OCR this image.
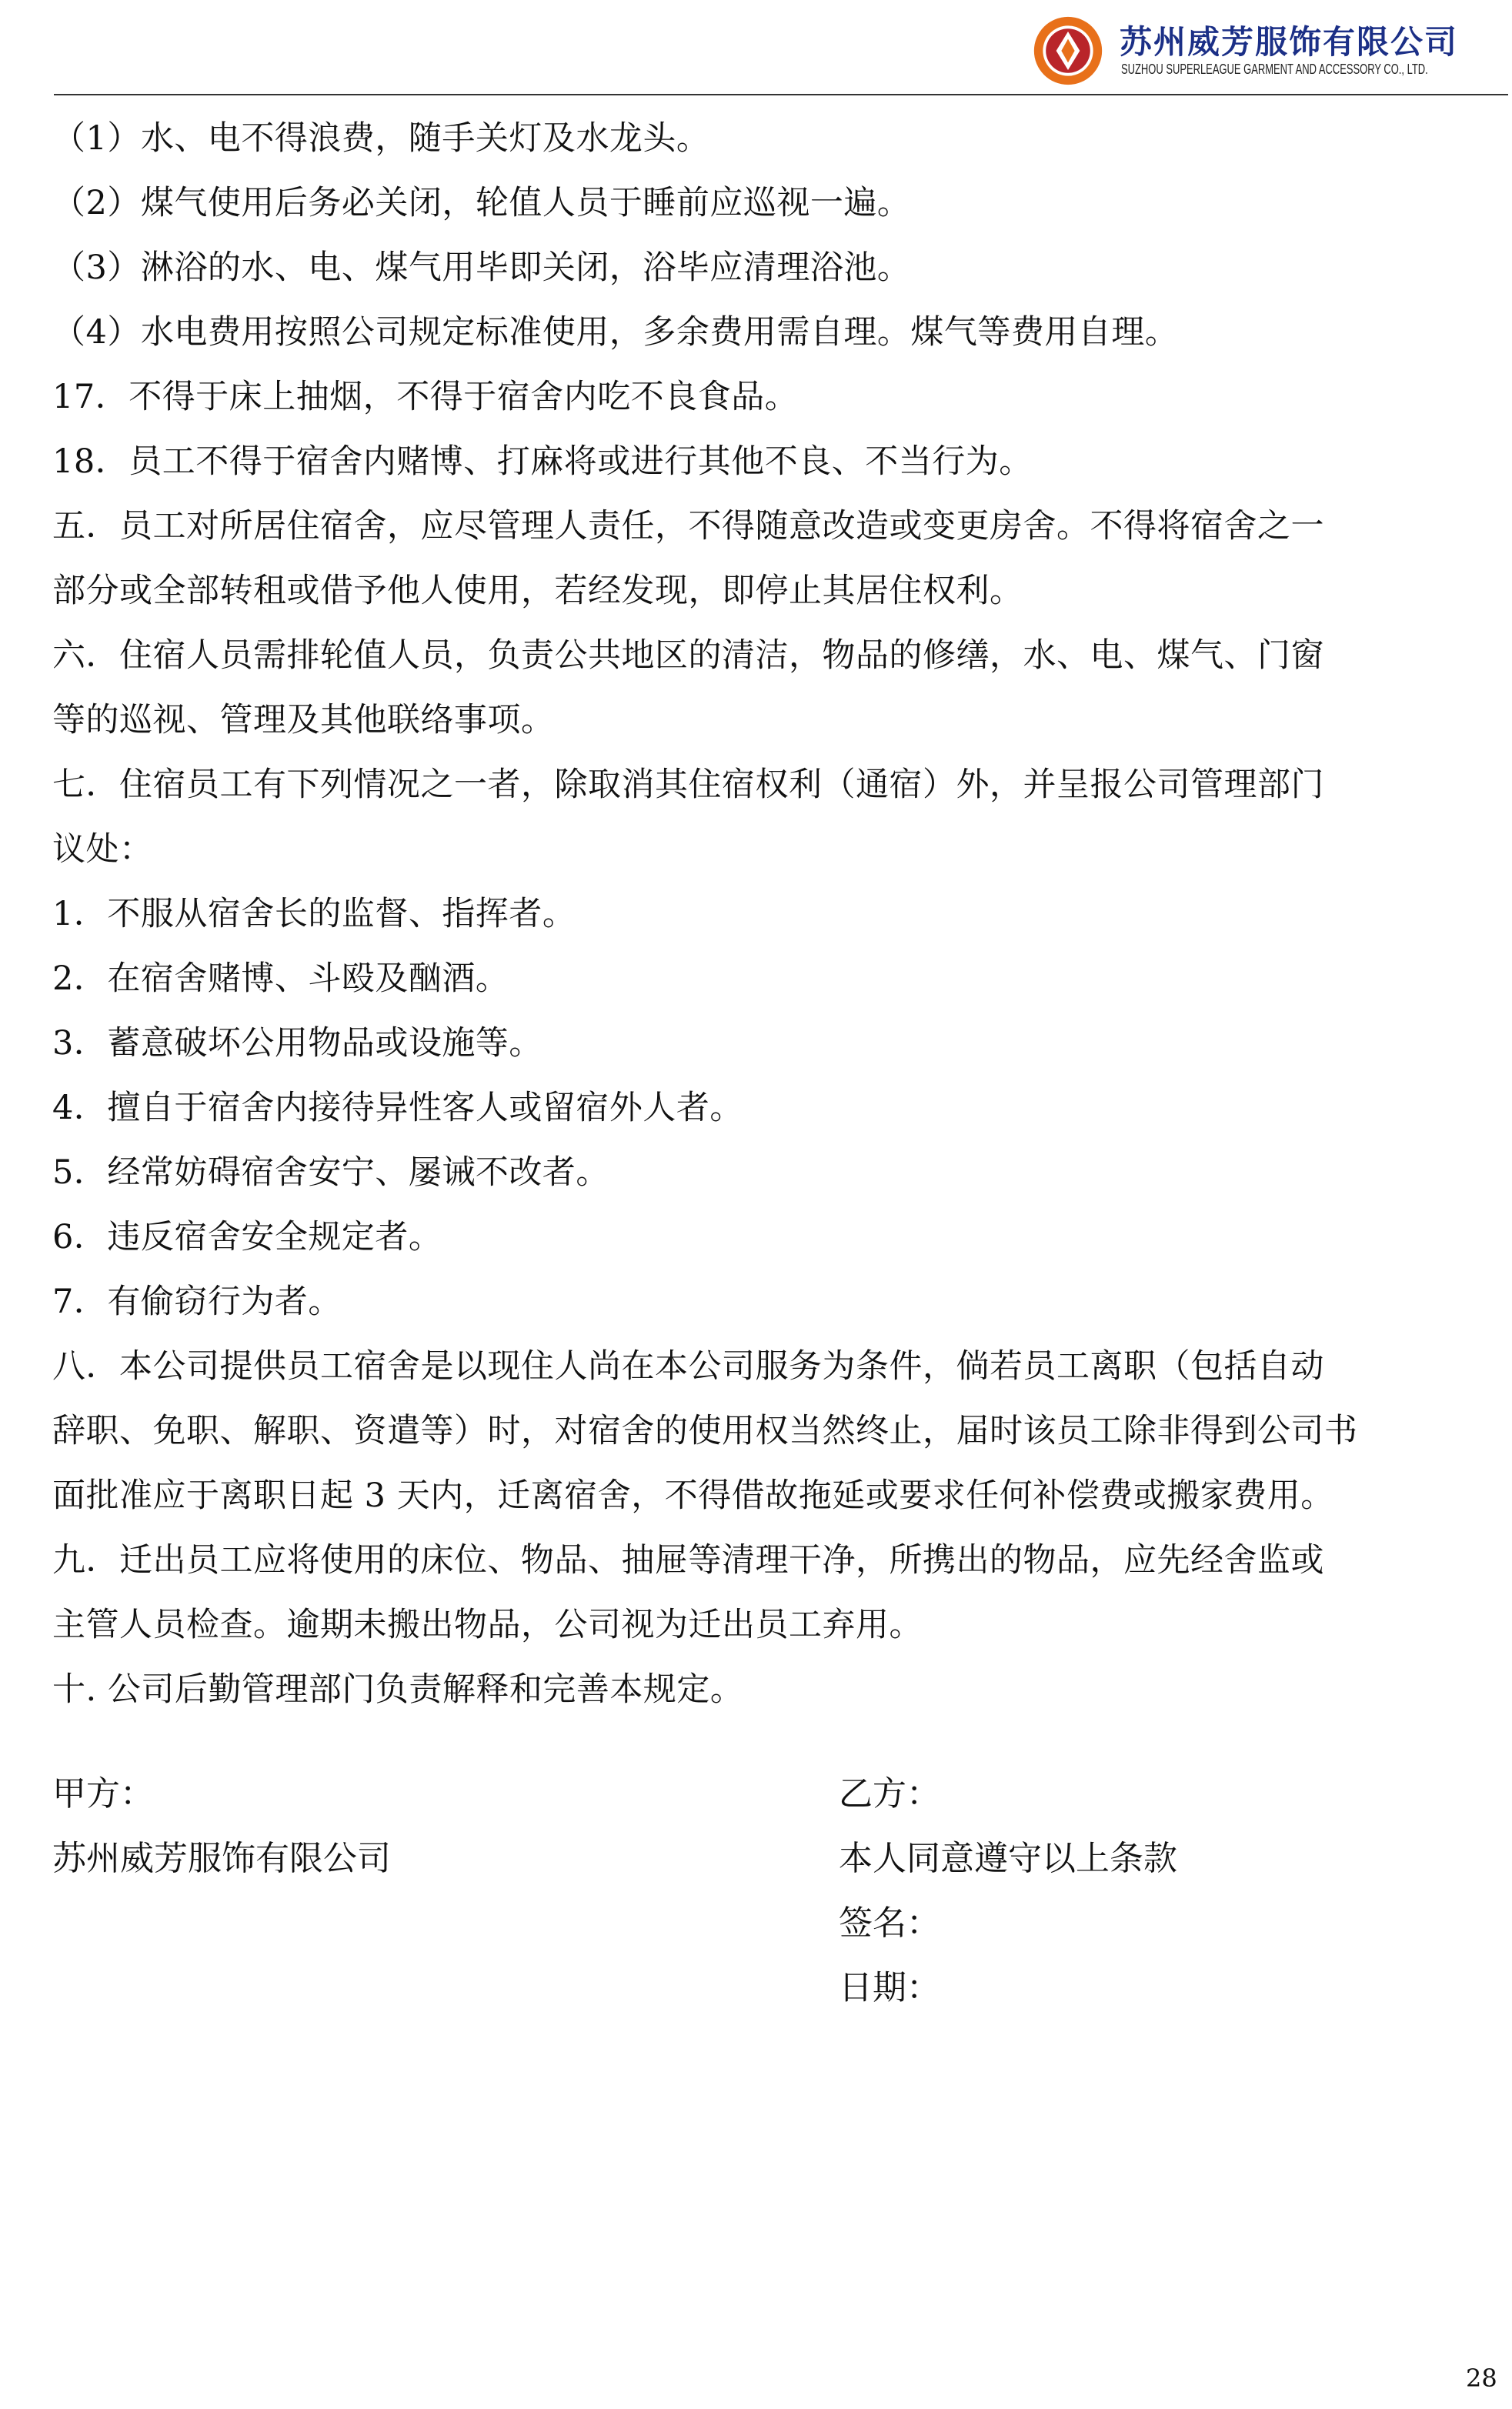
苏州威芳服饰有限公司
SUZHOU SUPERLEAGUE GARMENT AND ACCESSORY CO., LTD.
（1）水、电不得浪费，随手关灯及水龙头。
（2）煤气使用后务必关闭，轮值人员于睡前应巡视一遍。
（3）淋浴的水、电、煤气用毕即关闭，浴毕应清理浴池。
（4）水电费用按照公司规定标准使用，多余费用需自理。煤气等费用自理。
17．不得于床上抽烟，不得于宿舍内吃不良食品。
18．员工不得于宿舍内赌博、打麻将或进行其他不良、不当行为。
五．员工对所居住宿舍，应尽管理人责任，不得随意改造或变更房舍。不得将宿舍之一
部分或全部转租或借予他人使用，若经发现，即停止其居住权利。
六．住宿人员需排轮值人员，负责公共地区的清洁，物品的修缮，水、电、煤气、门窗
等的巡视、管理及其他联络事项。
七．住宿员工有下列情况之一者，除取消其住宿权利（通宿）外，并呈报公司管理部门
议处：
1．不服从宿舍长的监督、指挥者。
2．在宿舍赌博、斗殴及酗酒。
3．蓄意破坏公用物品或设施等。
4．擅自于宿舍内接待异性客人或留宿外人者。
5．经常妨碍宿舍安宁、屡诫不改者。
6．违反宿舍安全规定者。
7．有偷窃行为者。
八．本公司提供员工宿舍是以现住人尚在本公司服务为条件，倘若员工离职（包括自动
辞职、免职、解职、资遣等）时，对宿舍的使用权当然终止，届时该员工除非得到公司书
面批准应于离职日起 3 天内，迁离宿舍，不得借故拖延或要求任何补偿费或搬家费用。
九．迁出员工应将使用的床位、物品、抽屉等清理干净，所携出的物品，应先经舍监或
主管人员检查。逾期未搬出物品，公司视为迁出员工弃用。
十. 公司后勤管理部门负责解释和完善本规定。
甲方：
苏州威芳服饰有限公司
乙方：
本人同意遵守以上条款
签名：
日期：
28
